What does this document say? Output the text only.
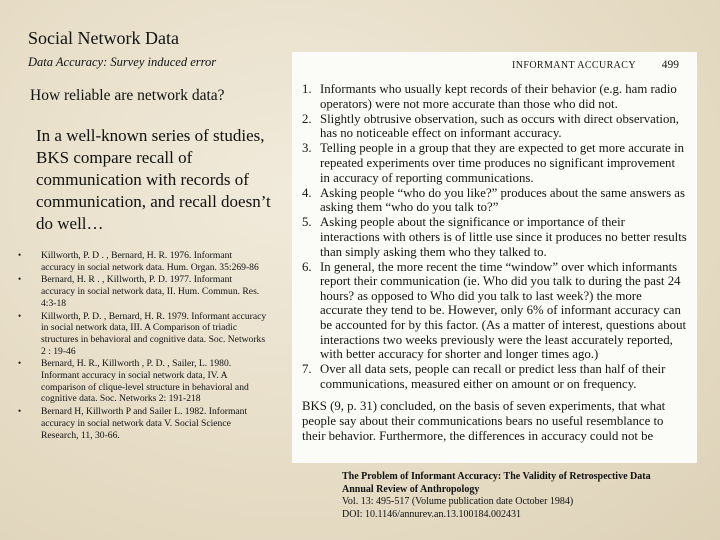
Social Network Data
Data Accuracy: Survey induced error
How reliable are network data?
In a well-known series of studies, BKS compare recall of communication with records of communication, and recall doesn’t do well…
• Killworth, P. D . , Bernard, H. R. 1976. Informant accuracy in social network data. Hum. Organ. 35:269-86
• Bernard, H. R . , Killworth, P. D. 1977. Informant accuracy in social network data, II. Hum. Commun. Res. 4:3-18
• Killworth, P. D. , Bernard, H. R. 1979. Informant accuracy in social network data, III. A Comparison of triadic structures in behavioral and cognitive data. Soc. Networks 2 : 19-46
• Bernard, H. R., Killworth , P. D. , Sailer, L. 1980. Informant accuracy in social network data, IV. A comparison of clique-level structure in behavioral and cognitive data. Soc. Networks 2: 191-218
• Bernard H, Killworth P and Sailer L. 1982. Informant accuracy in social network data V. Social Science Research, 11, 30-66.
INFORMANT ACCURACY 499
1. Informants who usually kept records of their behavior (e.g. ham radio operators) were not more accurate than those who did not.
2. Slightly obtrusive observation, such as occurs with direct observation, has no noticeable effect on informant accuracy.
3. Telling people in a group that they are expected to get more accurate in repeated experiments over time produces no significant improvement in accuracy of reporting communications.
4. Asking people “who do you like?” produces about the same answers as asking them “who do you talk to?”
5. Asking people about the significance or importance of their interactions with others is of little use since it produces no better results than simply asking them who they talked to.
6. In general, the more recent the time “window” over which informants report their communication (ie. Who did you talk to during the past 24 hours? as opposed to Who did you talk to last week?) the more accurate they tend to be. However, only 6% of informant accuracy can be accounted for by this factor. (As a matter of interest, questions about interactions two weeks previously were the least accurately reported, with better accuracy for shorter and longer times ago.)
7. Over all data sets, people can recall or predict less than half of their communications, measured either on amount or on frequency.
BKS (9, p. 31) concluded, on the basis of seven experiments, that what people say about their communications bears no useful resemblance to their behavior. Furthermore, the differences in accuracy could not be
The Problem of Informant Accuracy: The Validity of Retrospective Data
Annual Review of Anthropology
Vol. 13: 495-517 (Volume publication date October 1984)
DOI: 10.1146/annurev.an.13.100184.002431
